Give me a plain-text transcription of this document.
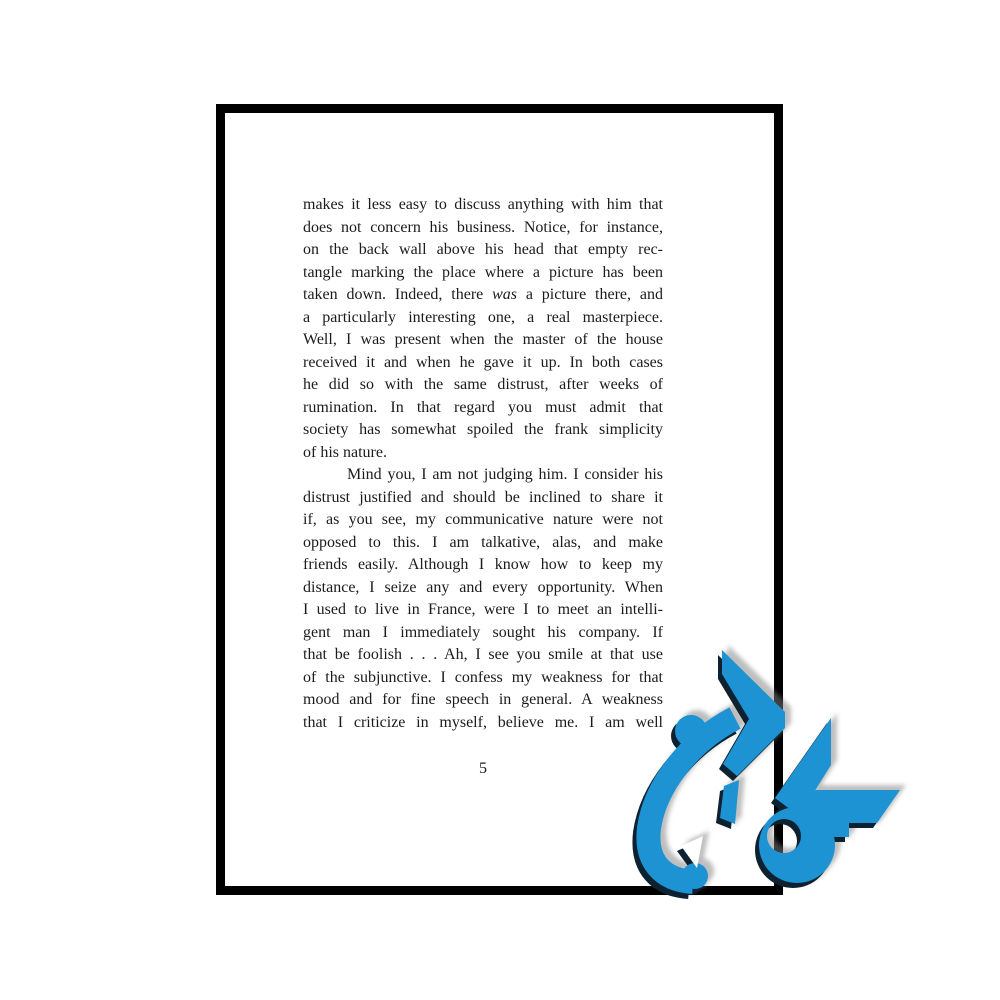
makes it less easy to discuss anything with him that
does not concern his business. Notice, for instance,
on the back wall above his head that empty rec-
tangle marking the place where a picture has been
taken down. Indeed, there was a picture there, and
a particularly interesting one, a real masterpiece.
Well, I was present when the master of the house
received it and when he gave it up. In both cases
he did so with the same distrust, after weeks of
rumination. In that regard you must admit that
society has somewhat spoiled the frank simplicity
of his nature.
Mind you, I am not judging him. I consider his
distrust justified and should be inclined to share it
if, as you see, my communicative nature were not
opposed to this. I am talkative, alas, and make
friends easily. Although I know how to keep my
distance, I seize any and every opportunity. When
I used to live in France, were I to meet an intelli-
gent man I immediately sought his company. If
that be foolish . . . Ah, I see you smile at that use
of the subjunctive. I confess my weakness for that
mood and for fine speech in general. A weakness
that I criticize in myself, believe me. I am well
5
